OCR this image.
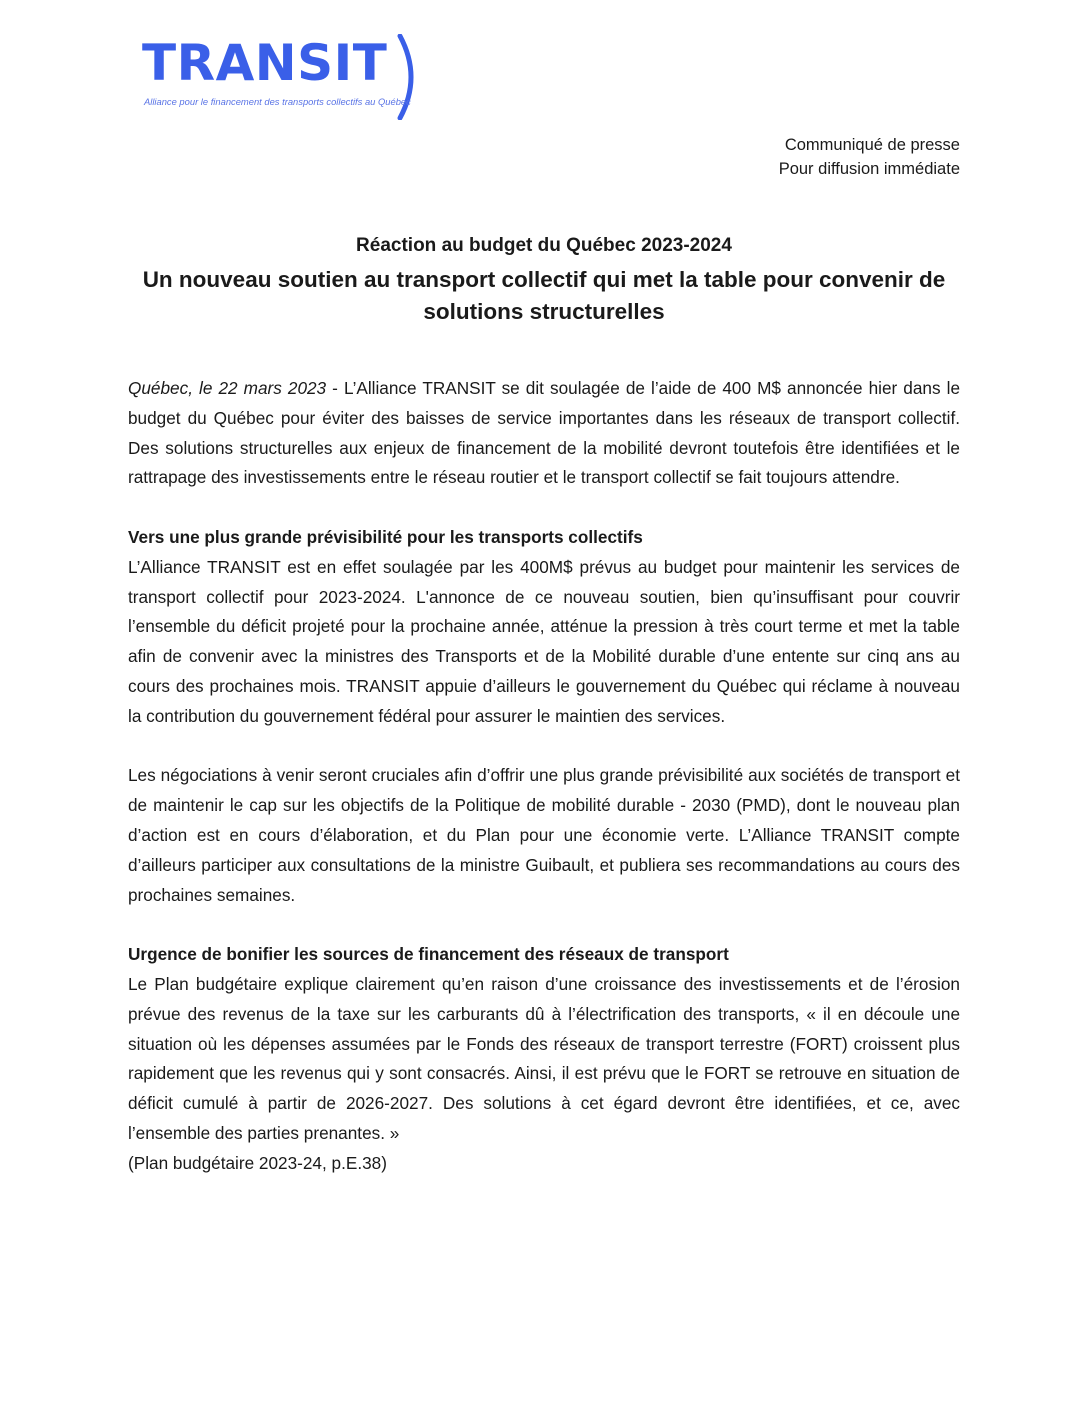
TRANSIT
Alliance pour le financement des transports collectifs au Québec
Communiqué de presse
Pour diffusion immédiate

Réaction au budget du Québec 2023-2024

Un nouveau soutien au transport collectif qui met la table pour convenir de solutions structurelles

Québec, le 22 mars 2023 - L’Alliance TRANSIT se dit soulagée de l’aide de 400 M$ annoncée hier dans le budget du Québec pour éviter des baisses de service importantes dans les réseaux de transport collectif. Des solutions structurelles aux enjeux de financement de la mobilité devront toutefois être identifiées et le rattrapage des investissements entre le réseau routier et le transport collectif se fait toujours attendre.

Vers une plus grande prévisibilité pour les transports collectifs

L’Alliance TRANSIT est en effet soulagée par les 400M$ prévus au budget pour maintenir les services de transport collectif pour 2023-2024. L'annonce de ce nouveau soutien, bien qu’insuffisant pour couvrir l’ensemble du déficit projeté pour la prochaine année, atténue la pression à très court terme et met la table afin de convenir avec la ministres des Transports et de la Mobilité durable d’une entente sur cinq ans au cours des prochaines mois. TRANSIT appuie d’ailleurs le gouvernement du Québec qui réclame à nouveau la contribution du gouvernement fédéral pour assurer le maintien des services.

Les négociations à venir seront cruciales afin d’offrir une plus grande prévisibilité aux sociétés de transport et de maintenir le cap sur les objectifs de la Politique de mobilité durable - 2030 (PMD), dont le nouveau plan d’action est en cours d’élaboration, et du Plan pour une économie verte. L’Alliance TRANSIT compte d’ailleurs participer aux consultations de la ministre Guibault, et publiera ses recommandations au cours des prochaines semaines.

Urgence de bonifier les sources de financement des réseaux de transport

Le Plan budgétaire explique clairement qu’en raison d’une croissance des investissements et de l’érosion prévue des revenus de la taxe sur les carburants dû à l’électrification des transports, « il en découle une situation où les dépenses assumées par le Fonds des réseaux de transport terrestre (FORT) croissent plus rapidement que les revenus qui y sont consacrés. Ainsi, il est prévu que le FORT se retrouve en situation de déficit cumulé à partir de 2026-2027. Des solutions à cet égard devront être identifiées, et ce, avec l’ensemble des parties prenantes. »

(Plan budgétaire 2023-24, p.E.38)
